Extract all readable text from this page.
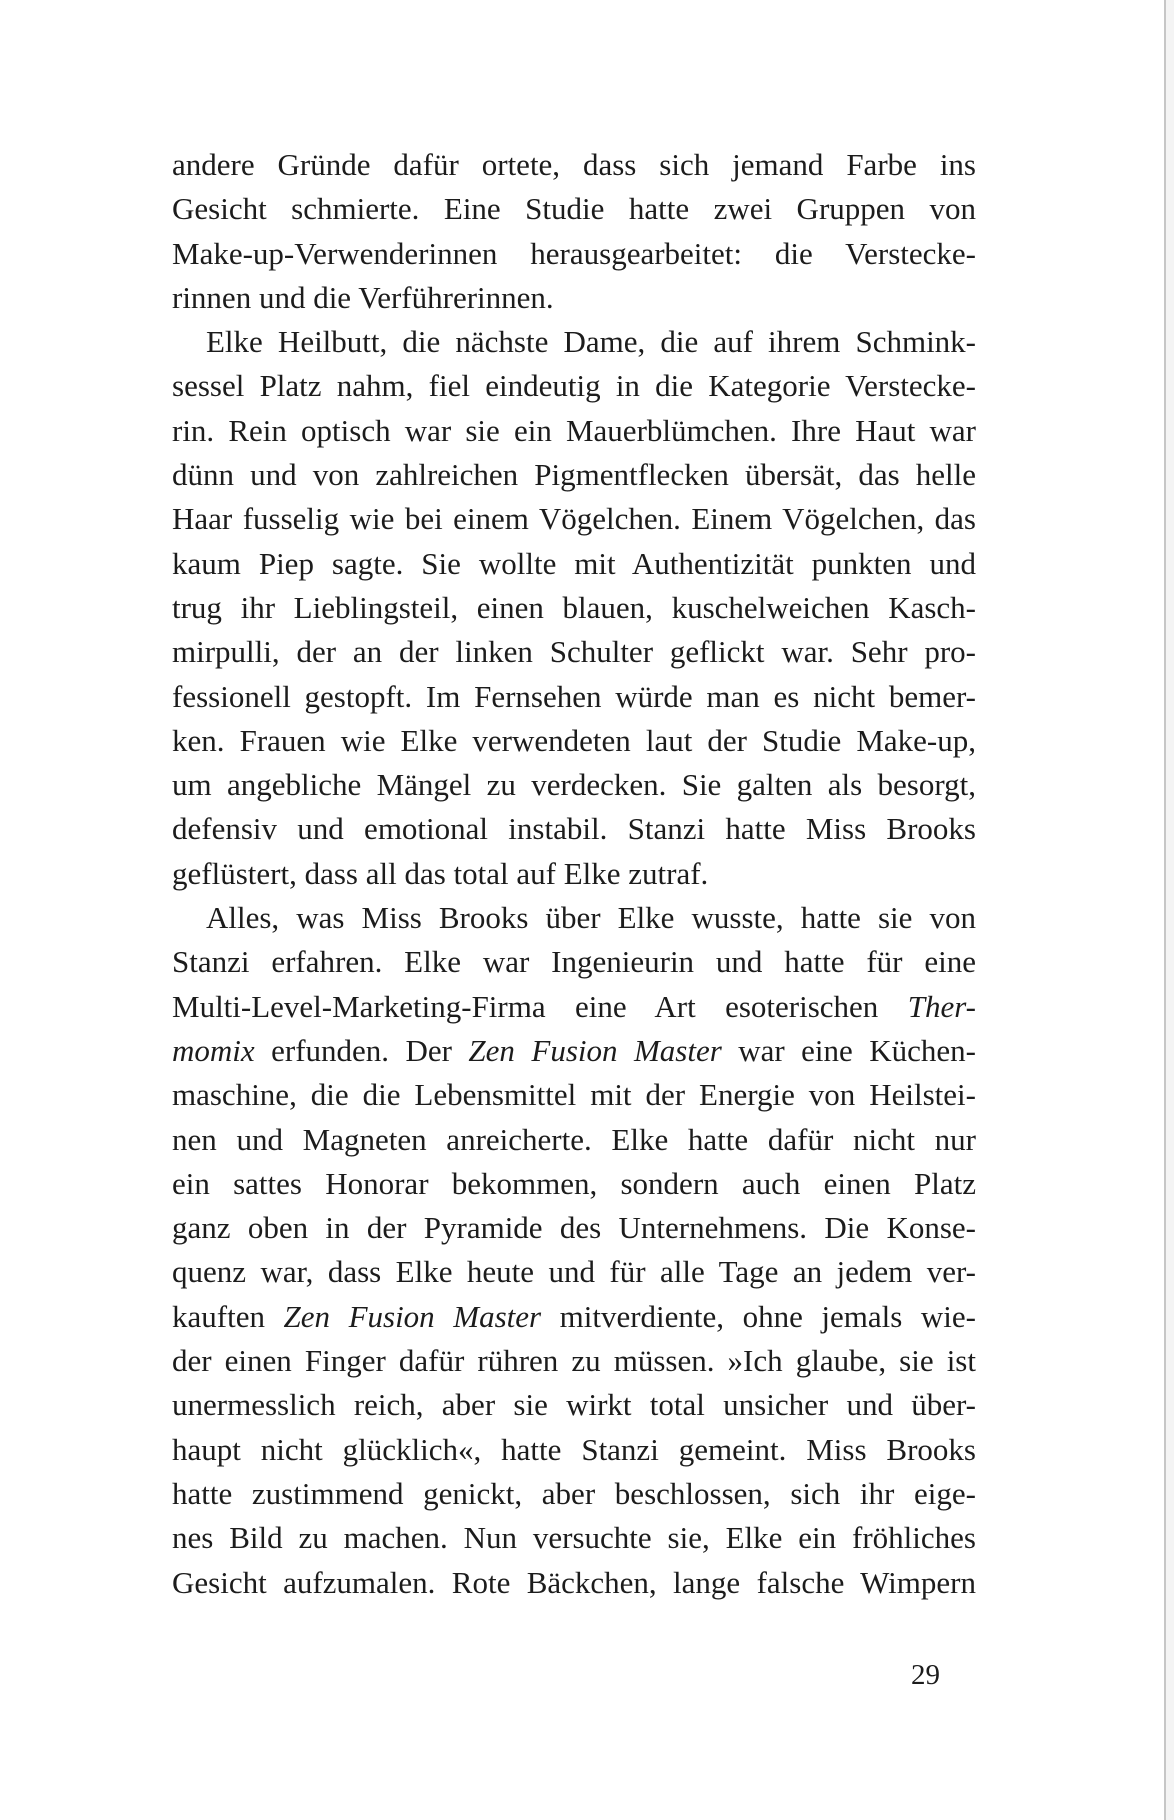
andere Gründe dafür ortete, dass sich jemand Farbe ins
Gesicht schmierte. Eine Studie hatte zwei Gruppen von
Make-up-Verwenderinnen herausgearbeitet: die Verstecke-
rinnen und die Verführerinnen.
Elke Heilbutt, die nächste Dame, die auf ihrem Schmink-
sessel Platz nahm, fiel eindeutig in die Kategorie Verstecke-
rin. Rein optisch war sie ein Mauerblümchen. Ihre Haut war
dünn und von zahlreichen Pigmentflecken übersät, das helle
Haar fusselig wie bei einem Vögelchen. Einem Vögelchen, das
kaum Piep sagte. Sie wollte mit Authentizität punkten und
trug ihr Lieblingsteil, einen blauen, kuschelweichen Kasch-
mirpulli, der an der linken Schulter geflickt war. Sehr pro-
fessionell gestopft. Im Fernsehen würde man es nicht bemer-
ken. Frauen wie Elke verwendeten laut der Studie Make-up,
um angebliche Mängel zu verdecken. Sie galten als besorgt,
defensiv und emotional instabil. Stanzi hatte Miss Brooks
geflüstert, dass all das total auf Elke zutraf.
Alles, was Miss Brooks über Elke wusste, hatte sie von
Stanzi erfahren. Elke war Ingenieurin und hatte für eine
Multi-Level-Marketing-Firma eine Art esoterischen Ther-
momix erfunden. Der Zen Fusion Master war eine Küchen-
maschine, die die Lebensmittel mit der Energie von Heilstei-
nen und Magneten anreicherte. Elke hatte dafür nicht nur
ein sattes Honorar bekommen, sondern auch einen Platz
ganz oben in der Pyramide des Unternehmens. Die Konse-
quenz war, dass Elke heute und für alle Tage an jedem ver-
kauften Zen Fusion Master mitverdiente, ohne jemals wie-
der einen Finger dafür rühren zu müssen. »Ich glaube, sie ist
unermesslich reich, aber sie wirkt total unsicher und über-
haupt nicht glücklich«, hatte Stanzi gemeint. Miss Brooks
hatte zustimmend genickt, aber beschlossen, sich ihr eige-
nes Bild zu machen. Nun versuchte sie, Elke ein fröhliches
Gesicht aufzumalen. Rote Bäckchen, lange falsche Wimpern
29
